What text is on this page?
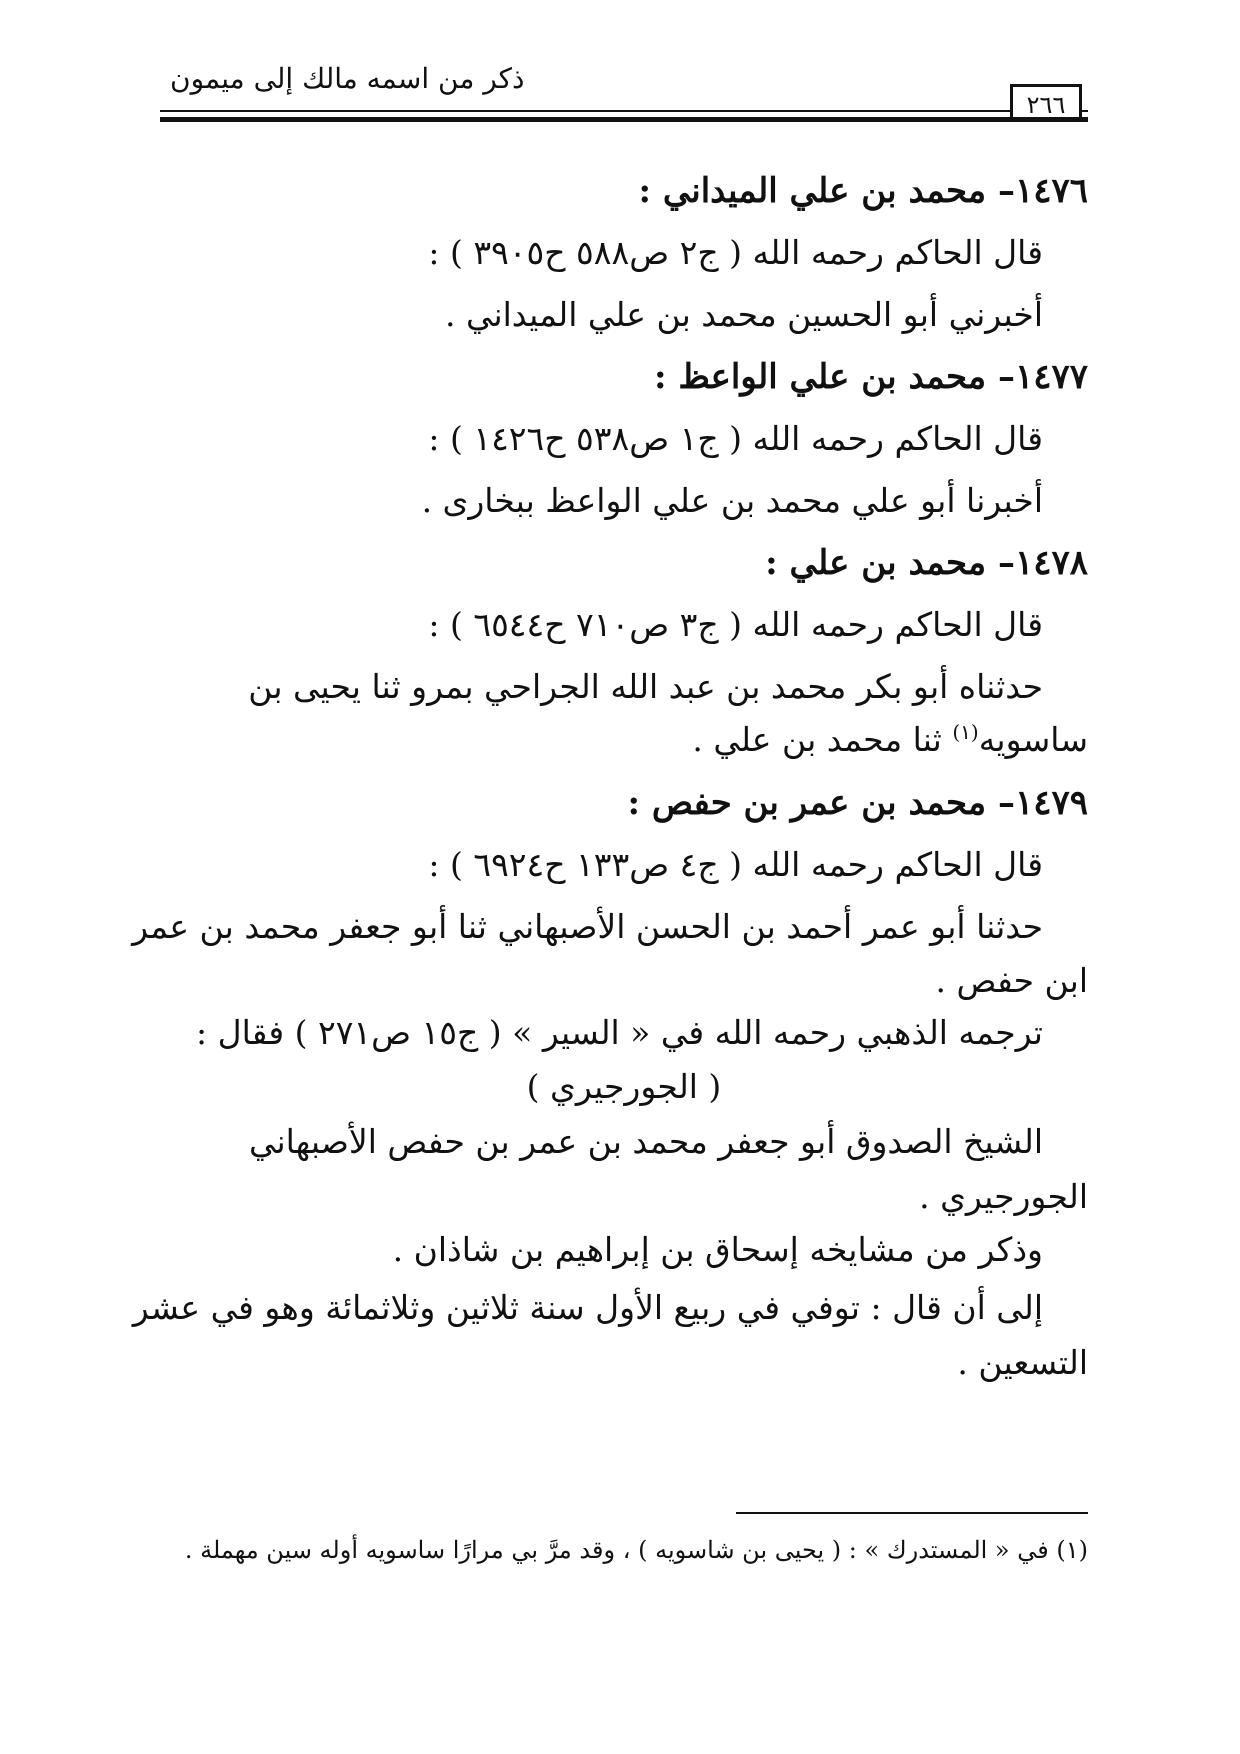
ذكر من اسمه مالك إلى ميمون
٢٦٦

١٤٧٦– محمد بن علي الميداني :

قال الحاكم رحمه الله ( ج٢ ص٥٨٨ ح٣٩٠٥ ) :

أخبرني أبو الحسين محمد بن علي الميداني .

١٤٧٧– محمد بن علي الواعظ :

قال الحاكم رحمه الله ( ج١ ص٥٣٨ ح١٤٢٦ ) :

أخبرنا أبو علي محمد بن علي الواعظ ببخارى .

١٤٧٨– محمد بن علي :

قال الحاكم رحمه الله ( ج٣ ص٧١٠ ح٦٥٤٤ ) :

حدثناه أبو بكر محمد بن عبد الله الجراحي بمرو ثنا يحيى بن

ساسويه$^{(١)}$ ثنا محمد بن علي .

١٤٧٩– محمد بن عمر بن حفص :

قال الحاكم رحمه الله ( ج٤ ص١٣٣ ح٦٩٢٤ ) :

حدثنا أبو عمر أحمد بن الحسن الأصبهاني ثنا أبو جعفر محمد بن عمر

ابن حفص .

ترجمه الذهبي رحمه الله في « السير » ( ج١٥ ص٢٧١ ) فقال :

( الجورجيري )

الشيخ الصدوق أبو جعفر محمد بن عمر بن حفص الأصبهاني

الجورجيري .

وذكر من مشايخه إسحاق بن إبراهيم بن شاذان .

إلى أن قال : توفي في ربيع الأول سنة ثلاثين وثلاثمائة وهو في عشر

التسعين .

(١) في « المستدرك » : ( يحيى بن شاسويه ) ، وقد مرَّ بي مرارًا ساسويه أوله سين مهملة .
